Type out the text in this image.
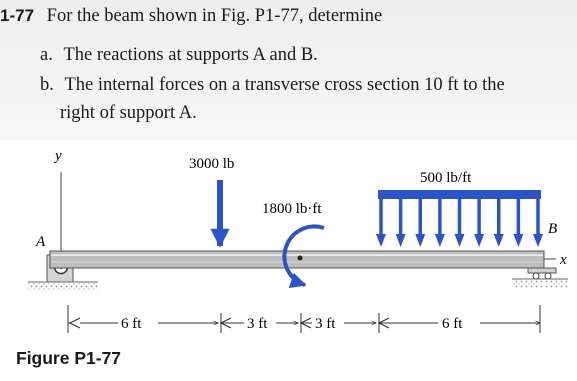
1-77 For the beam shown in Fig. P1-77, determine
a. The reactions at supports A and B.
b. The internal forces on a transverse cross section 10 ft to the
right of support A.
y
A
x
B
3000 lb
1800 lb·ft
500 lb/ft
6 ft	3 ft	3 ft	6 ft
Figure P1-77
